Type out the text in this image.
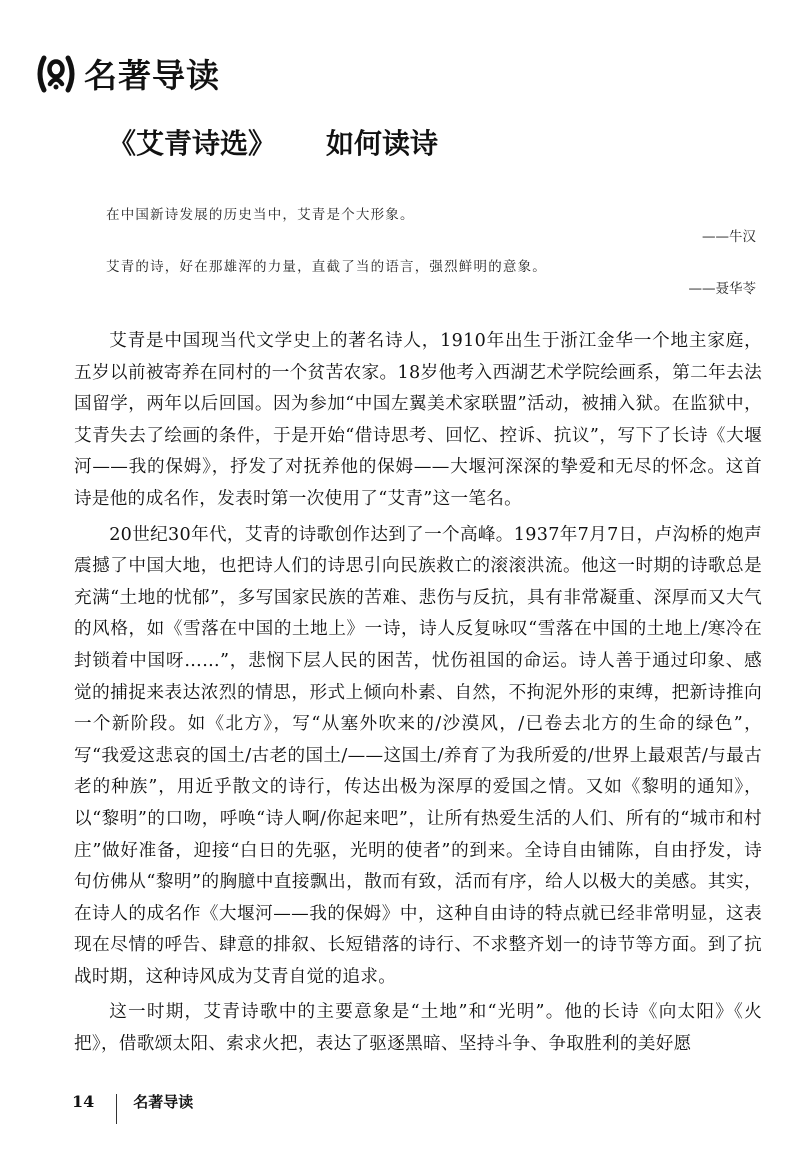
名著导读
《艾青诗选》 如何读诗

在中国新诗发展的历史当中，艾青是个大形象。

——牛汉

艾青的诗，好在那雄浑的力量，直截了当的语言，强烈鲜明的意象。

——聂华苓

艾青是中国现当代文学史上的著名诗人，1910年出生于浙江金华一个地主家庭，五岁以前被寄养在同村的一个贫苦农家。18岁他考入西湖艺术学院绘画系，第二年去法国留学，两年以后回国。因为参加“中国左翼美术家联盟”活动，被捕入狱。在监狱中，艾青失去了绘画的条件，于是开始“借诗思考、回忆、控诉、抗议”，写下了长诗《大堰河——我的保姆》，抒发了对抚养他的保姆——大堰河深深的挚爱和无尽的怀念。这首诗是他的成名作，发表时第一次使用了“艾青”这一笔名。

20世纪30年代，艾青的诗歌创作达到了一个高峰。1937年7月7日，卢沟桥的炮声震撼了中国大地，也把诗人们的诗思引向民族救亡的滚滚洪流。他这一时期的诗歌总是充满“土地的忧郁”，多写国家民族的苦难、悲伤与反抗，具有非常凝重、深厚而又大气的风格，如《雪落在中国的土地上》一诗，诗人反复咏叹“雪落在中国的土地上/寒冷在封锁着中国呀……”，悲悯下层人民的困苦，忧伤祖国的命运。诗人善于通过印象、感觉的捕捉来表达浓烈的情思，形式上倾向朴素、自然，不拘泥外形的束缚，把新诗推向一个新阶段。如《北方》，写“从塞外吹来的/沙漠风，/已卷去北方的生命的绿色”，写“我爱这悲哀的国土/古老的国土/——这国土/养育了为我所爱的/世界上最艰苦/与最古老的种族”，用近乎散文的诗行，传达出极为深厚的爱国之情。又如《黎明的通知》，以“黎明”的口吻，呼唤“诗人啊/你起来吧”，让所有热爱生活的人们、所有的“城市和村庄”做好准备，迎接“白日的先驱，光明的使者”的到来。全诗自由铺陈，自由抒发，诗句仿佛从“黎明”的胸臆中直接飘出，散而有致，活而有序，给人以极大的美感。其实，在诗人的成名作《大堰河——我的保姆》中，这种自由诗的特点就已经非常明显，这表现在尽情的呼告、肆意的排叙、长短错落的诗行、不求整齐划一的诗节等方面。到了抗战时期，这种诗风成为艾青自觉的追求。

这一时期，艾青诗歌中的主要意象是“土地”和“光明”。他的长诗《向太阳》《火把》，借歌颂太阳、索求火把，表达了驱逐黑暗、坚持斗争、争取胜利的美好愿

14	名著导读
